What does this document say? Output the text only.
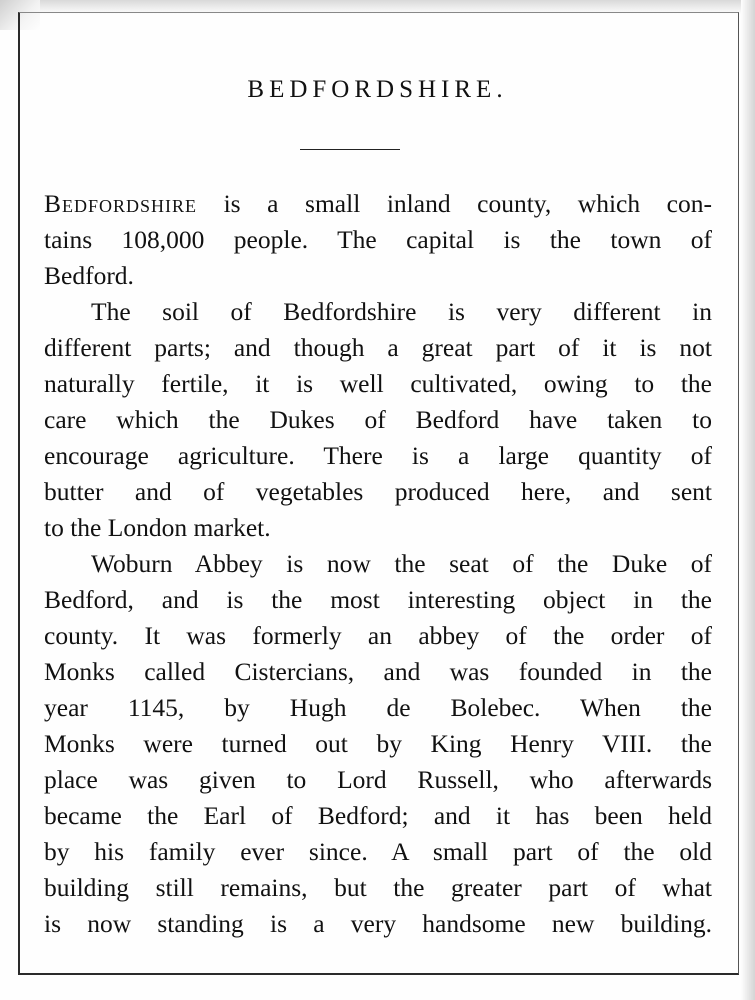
BEDFORDSHIRE.
Bedfordshire is a small inland county, which con-
tains 108,000 people. The capital is the town of
Bedford.
The soil of Bedfordshire is very different in
different parts; and though a great part of it is not
naturally fertile, it is well cultivated, owing to the
care which the Dukes of Bedford have taken to
encourage agriculture. There is a large quantity of
butter and of vegetables produced here, and sent
to the London market.
Woburn Abbey is now the seat of the Duke of
Bedford, and is the most interesting object in the
county. It was formerly an abbey of the order of
Monks called Cistercians, and was founded in the
year 1145, by Hugh de Bolebec. When the
Monks were turned out by King Henry VIII. the
place was given to Lord Russell, who afterwards
became the Earl of Bedford; and it has been held
by his family ever since. A small part of the old
building still remains, but the greater part of what
is now standing is a very handsome new building.
